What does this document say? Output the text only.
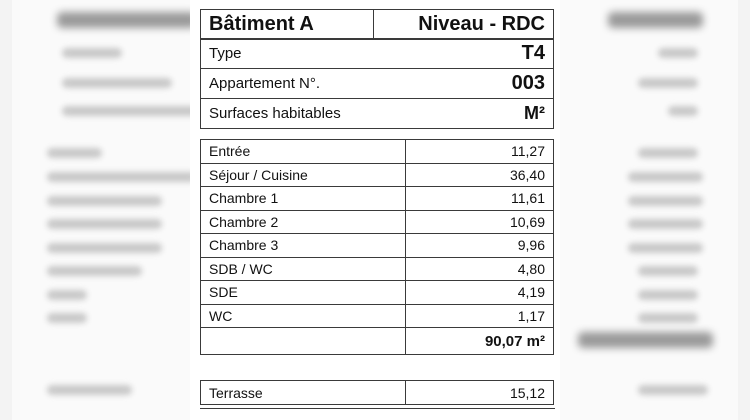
Bâtiment A	Niveau - RDC
Type	T4
Appartement N°.	003
Surfaces habitables	M²
Entrée	11,27
Séjour / Cuisine	36,40
Chambre 1	11,61
Chambre 2	10,69
Chambre 3	9,96
SDB / WC	4,80
SDE	4,19
WC	1,17
	90,07 m²
Terrasse	15,12
